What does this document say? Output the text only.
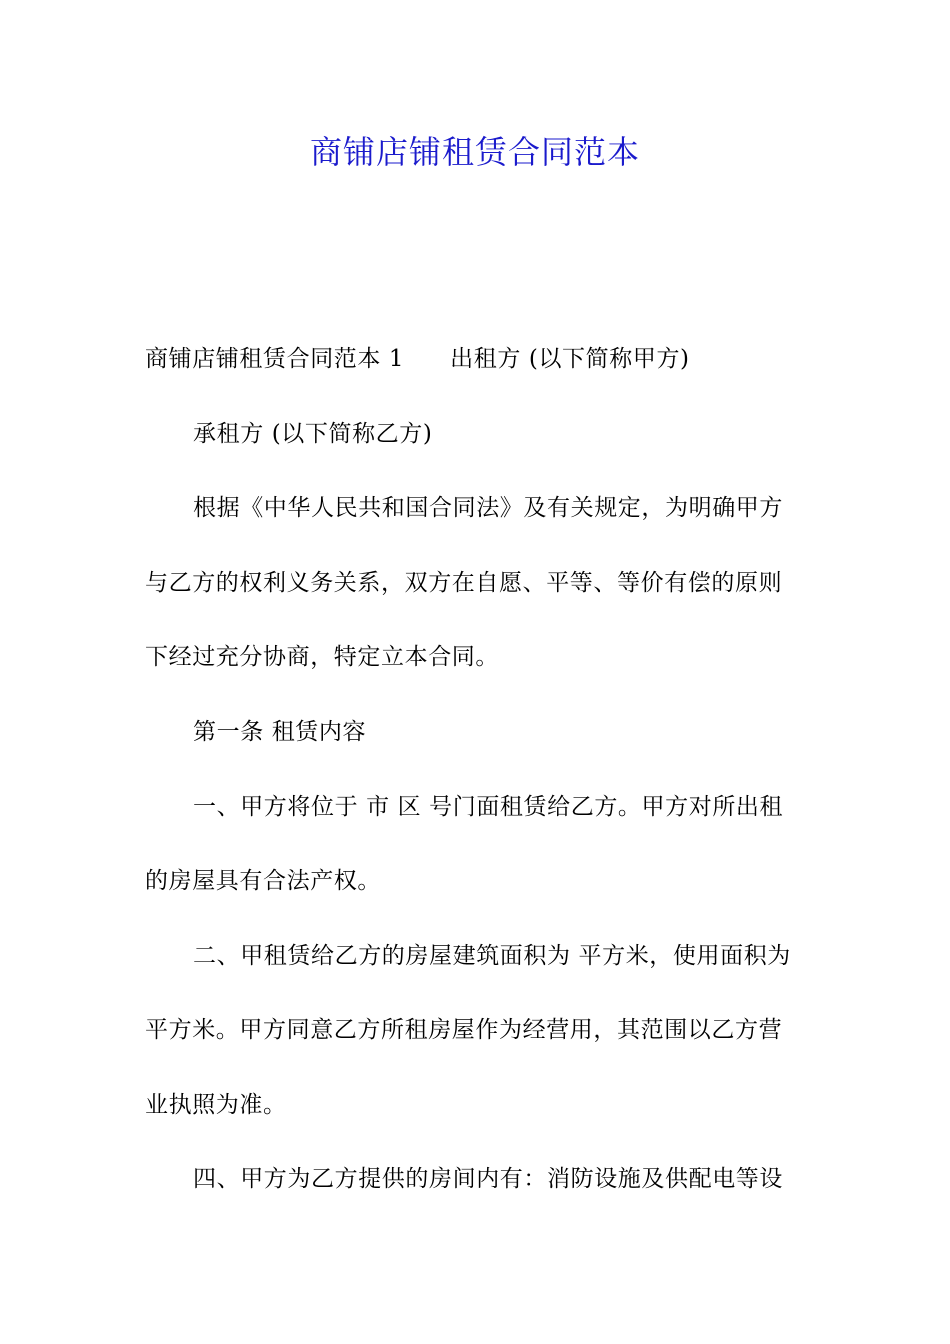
商铺店铺租赁合同范本
商铺店铺租赁合同范本 1 出租方 (以下简称甲方)
承租方 (以下简称乙方)
根据《中华人民共和国合同法》及有关规定，为明确甲方
与乙方的权利义务关系，双方在自愿、平等、等价有偿的原则
下经过充分协商，特定立本合同。
第一条 租赁内容
一、甲方将位于 市 区 号门面租赁给乙方。甲方对所出租
的房屋具有合法产权。
二、甲租赁给乙方的房屋建筑面积为 平方米，使用面积为
平方米。甲方同意乙方所租房屋作为经营用，其范围以乙方营
业执照为准。
四、甲方为乙方提供的房间内有：消防设施及供配电等设
